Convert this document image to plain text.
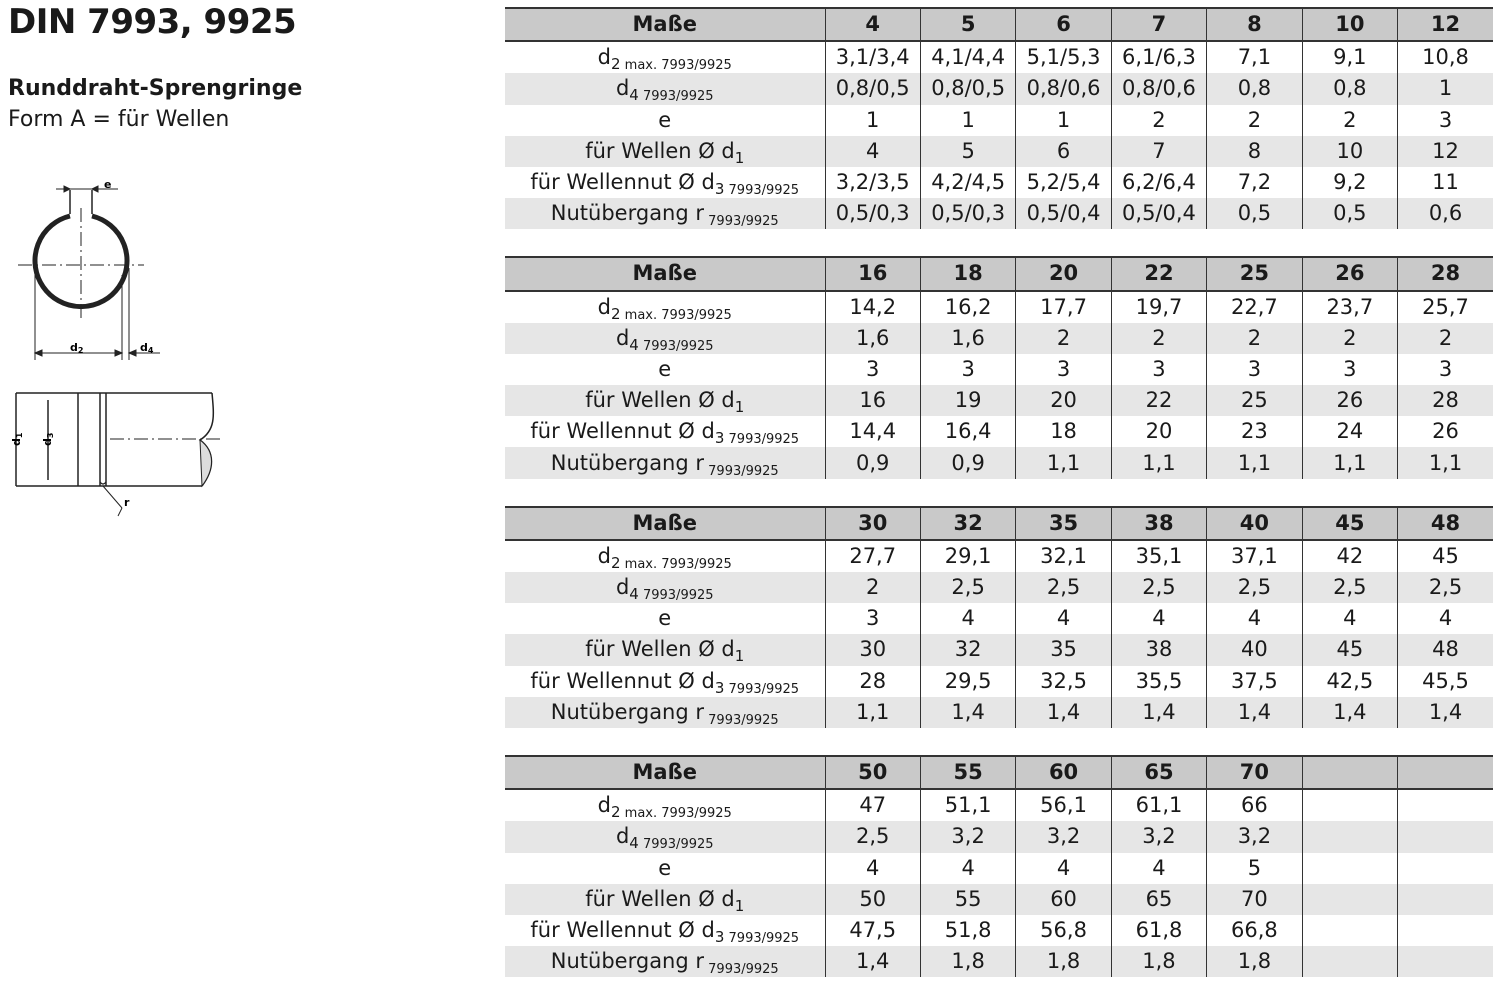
DIN 7993, 9925
Runddraht-Sprengringe
Form A = für Wellen
e
d2	d4
d1
d3
r
Maße	4	5	6	7	8	10	12
$d_{2 max. 7993/9925}$	3,1/3,4	4,1/4,4	5,1/5,3	6,1/6,3	7,1	9,1	10,8
$d_{4 7993/9925}$	0,8/0,5	0,8/0,5	0,8/0,6	0,8/0,6	0,8	0,8	1
e	1	1	1	2	2	2	3
für Wellen Ø $d_1$	4	5	6	7	8	10	12
für Wellennut Ø $d_{3 7993/9925}$	3,2/3,5	4,2/4,5	5,2/5,4	6,2/6,4	7,2	9,2	11
Nutübergang r $_{7993/9925}$	0,5/0,3	0,5/0,3	0,5/0,4	0,5/0,4	0,5	0,5	0,6
Maße	16	18	20	22	25	26	28
$d_{2 max. 7993/9925}$	14,2	16,2	17,7	19,7	22,7	23,7	25,7
$d_{4 7993/9925}$	1,6	1,6	2	2	2	2	2
e	3	3	3	3	3	3	3
für Wellen Ø $d_1$	16	19	20	22	25	26	28
für Wellennut Ø $d_{3 7993/9925}$	14,4	16,4	18	20	23	24	26
Nutübergang r $_{7993/9925}$	0,9	0,9	1,1	1,1	1,1	1,1	1,1
Maße	30	32	35	38	40	45	48
$d_{2 max. 7993/9925}$	27,7	29,1	32,1	35,1	37,1	42	45
$d_{4 7993/9925}$	2	2,5	2,5	2,5	2,5	2,5	2,5
e	3	4	4	4	4	4	4
für Wellen Ø $d_1$	30	32	35	38	40	45	48
für Wellennut Ø $d_{3 7993/9925}$	28	29,5	32,5	35,5	37,5	42,5	45,5
Nutübergang r $_{7993/9925}$	1,1	1,4	1,4	1,4	1,4	1,4	1,4
Maße	50	55	60	65	70		
$d_{2 max. 7993/9925}$	47	51,1	56,1	61,1	66		
$d_{4 7993/9925}$	2,5	3,2	3,2	3,2	3,2		
e	4	4	4	4	5		
für Wellen Ø $d_1$	50	55	60	65	70		
für Wellennut Ø $d_{3 7993/9925}$	47,5	51,8	56,8	61,8	66,8		
Nutübergang r $_{7993/9925}$	1,4	1,8	1,8	1,8	1,8		
